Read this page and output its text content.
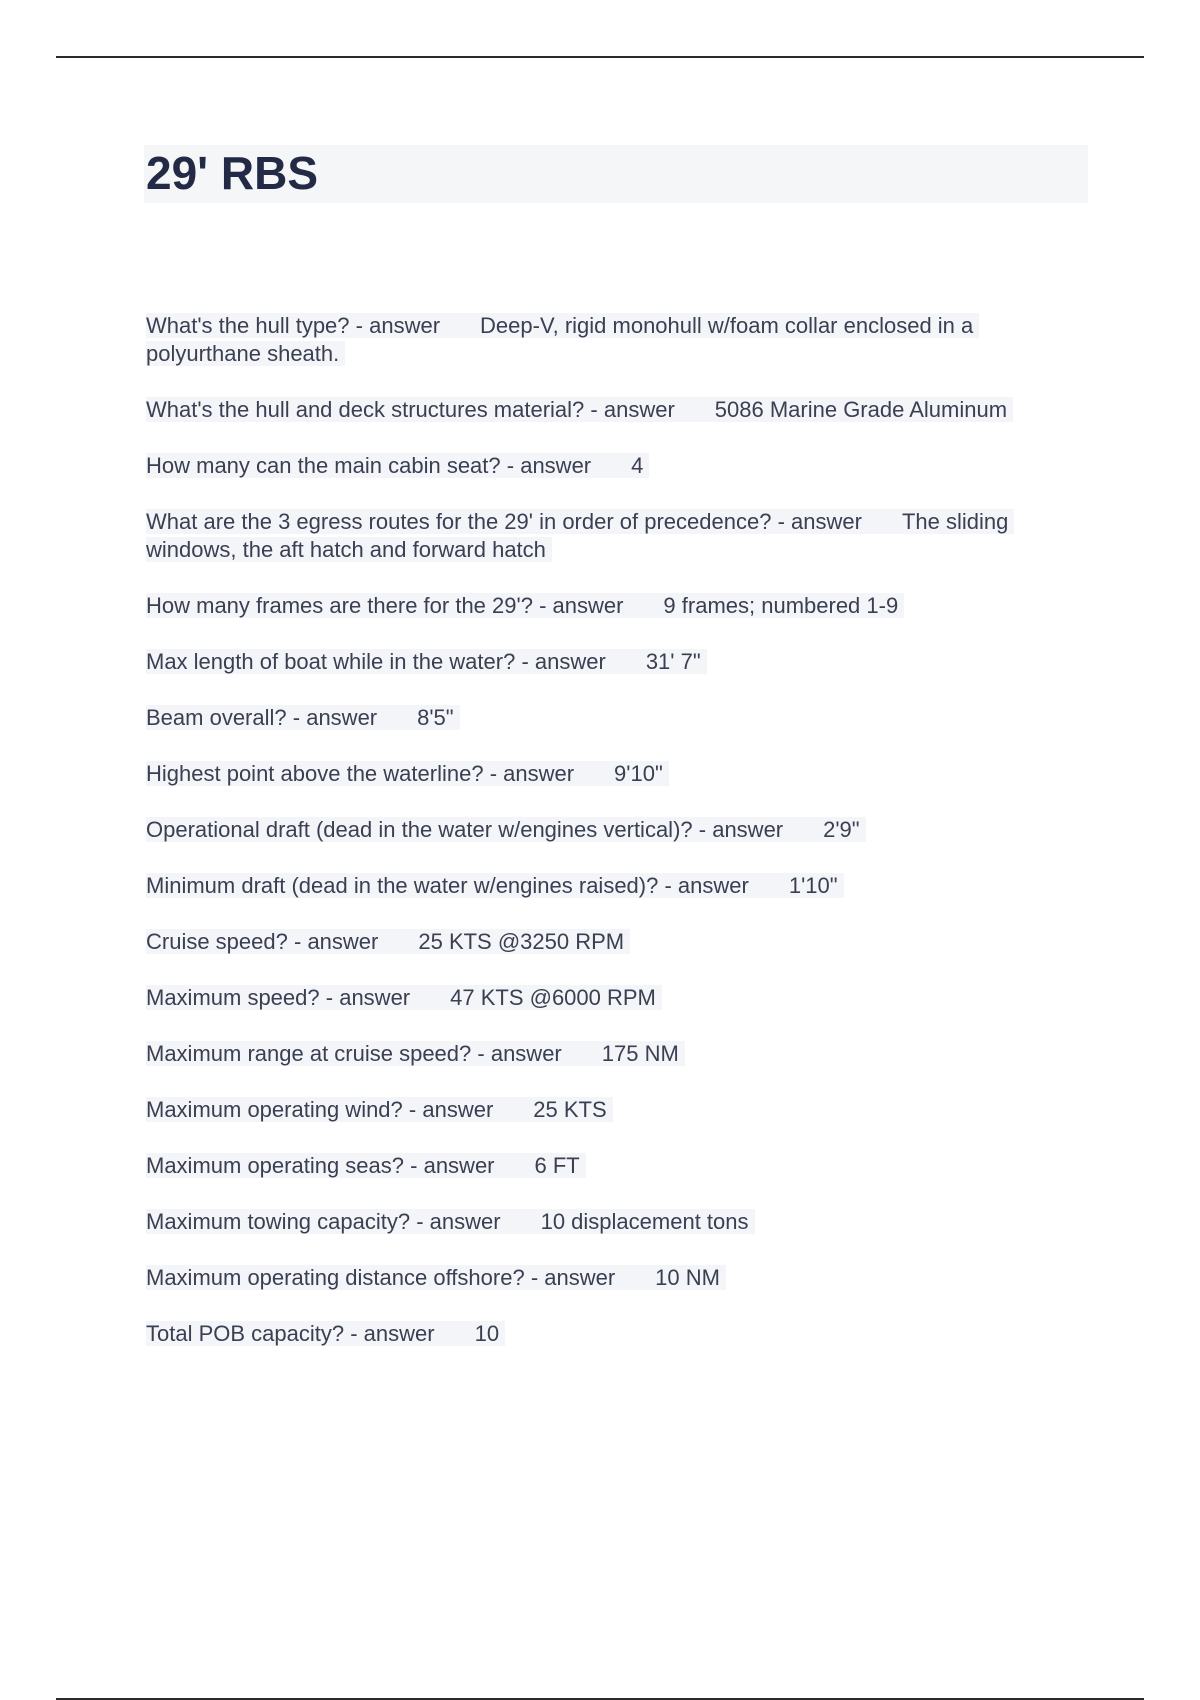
29' RBS
What's the hull type? - answer Deep-V, rigid monohull w/foam collar enclosed in a polyurthane sheath.
What's the hull and deck structures material? - answer 5086 Marine Grade Aluminum
How many can the main cabin seat? - answer 4
What are the 3 egress routes for the 29' in order of precedence? - answer The sliding windows, the aft hatch and forward hatch
How many frames are there for the 29'? - answer 9 frames; numbered 1-9
Max length of boat while in the water? - answer 31' 7"
Beam overall? - answer 8'5"
Highest point above the waterline? - answer 9'10"
Operational draft (dead in the water w/engines vertical)? - answer 2'9"
Minimum draft (dead in the water w/engines raised)? - answer 1'10"
Cruise speed? - answer 25 KTS @3250 RPM
Maximum speed? - answer 47 KTS @6000 RPM
Maximum range at cruise speed? - answer 175 NM
Maximum operating wind? - answer 25 KTS
Maximum operating seas? - answer 6 FT
Maximum towing capacity? - answer 10 displacement tons
Maximum operating distance offshore? - answer 10 NM
Total POB capacity? - answer 10
